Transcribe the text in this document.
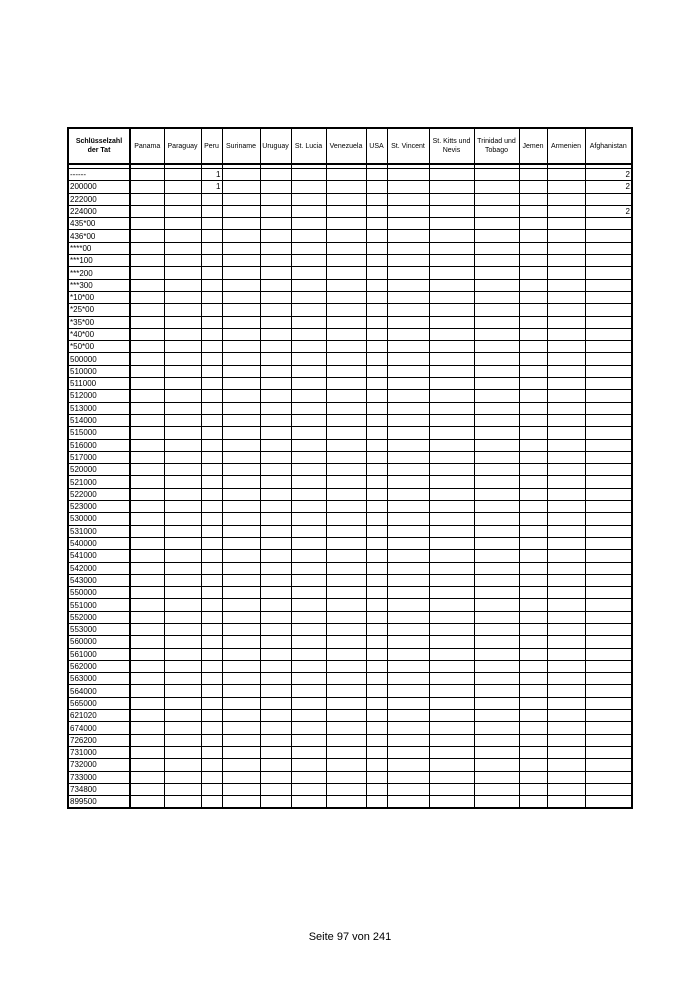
Schlüsselzahl der Tat	Panama	Paraguay	Peru	Suriname	Uruguay	St. Lucia	Venezuela	USA	St. Vincent	St. Kitts und Nevis	Trinidad und Tobago	Jemen	Armenien	Afghanistan

------			1											2
200000			1											2
222000														
224000														2
435*00														
436*00														
****00														
***100														
***200														
***300														
*10*00														
*25*00														
*35*00														
*40*00														
*50*00														
500000														
510000														
511000														
512000														
513000														
514000														
515000														
516000														
517000														
520000														
521000														
522000														
523000														
530000														
531000														
540000														
541000														
542000														
543000														
550000														
551000														
552000														
553000														
560000														
561000														
562000														
563000														
564000														
565000														
621020														
674000														
726200														
731000														
732000														
733000														
734800														
899500														
Seite 97 von 241
